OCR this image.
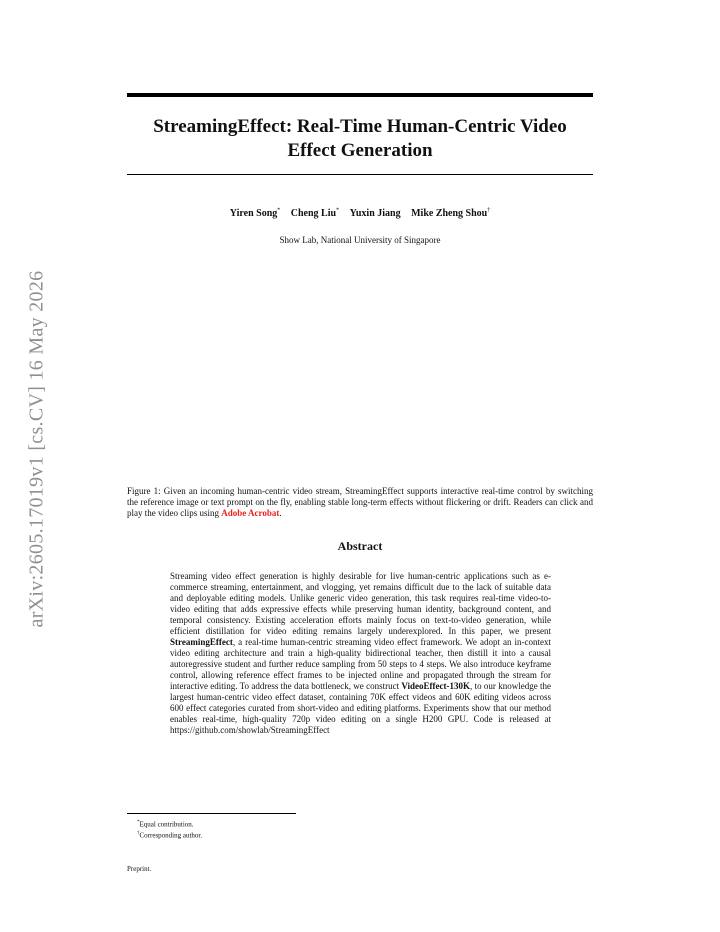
StreamingEffect: Real-Time Human-Centric Video Effect Generation
Yiren Song* Cheng Liu* Yuxin Jiang Mike Zheng Shou†
Show Lab, National University of Singapore
arXiv:2605.17019v1 [cs.CV] 16 May 2026	Figure 1: Given an incoming human-centric video stream, StreamingEffect supports interactive real-time control by switching the reference image or text prompt on the fly, enabling stable long-term effects without flickering or drift. Readers can click and play the video clips using Adobe Acrobat.
Abstract
Streaming video effect generation is highly desirable for live human-centric applications such as e-commerce streaming, entertainment, and vlogging, yet remains difficult due to the lack of suitable data and deployable editing models. Unlike generic video generation, this task requires real-time video-to-video editing that adds expressive effects while preserving human identity, background content, and temporal consistency. Existing acceleration efforts mainly focus on text-to-video generation, while efficient distillation for video editing remains largely underexplored. In this paper, we present StreamingEffect, a real-time human-centric streaming video effect framework. We adopt an in-context video editing architecture and train a high-quality bidirectional teacher, then distill it into a causal autoregressive student and further reduce sampling from 50 steps to 4 steps. We also introduce keyframe control, allowing reference effect frames to be injected online and propagated through the stream for interactive editing. To address the data bottleneck, we construct VideoEffect-130K, to our knowledge the largest human-centric video effect dataset, containing 70K effect videos and 60K editing videos across 600 effect categories curated from short-video and editing platforms. Experiments show that our method enables real-time, high-quality 720p video editing on a single H200 GPU. Code is released at https://github.com/showlab/StreamingEffect
*Equal contribution.
†Corresponding author.
Preprint.
